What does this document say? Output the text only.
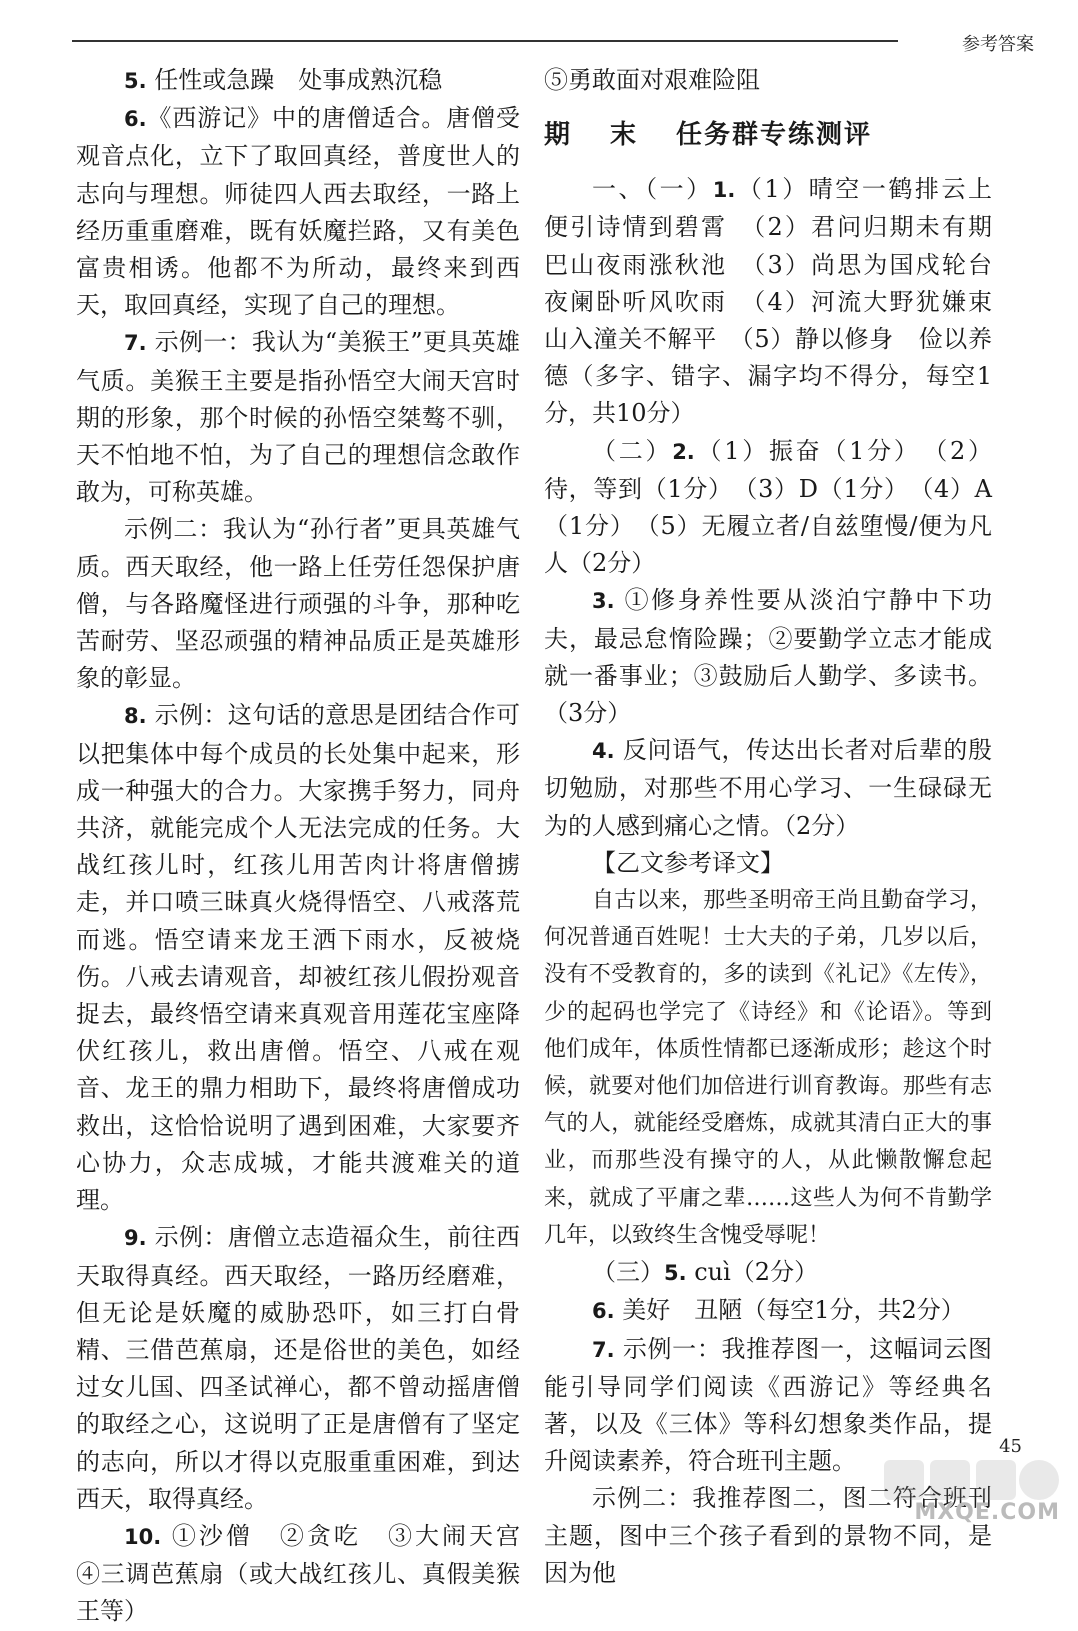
参考答案

5. 任性或急躁　处事成熟沉稳

6.《西游记》中的唐僧适合。唐僧受观音点化，立下了取回真经，普度世人的志向与理想。师徒四人西去取经，一路上经历重重磨难，既有妖魔拦路，又有美色富贵相诱。他都不为所动，最终来到西天，取回真经，实现了自己的理想。

7. 示例一：我认为“美猴王”更具英雄气质。美猴王主要是指孙悟空大闹天宫时期的形象，那个时候的孙悟空桀骜不驯，天不怕地不怕，为了自己的理想信念敢作敢为，可称英雄。

示例二：我认为“孙行者”更具英雄气质。西天取经，他一路上任劳任怨保护唐僧，与各路魔怪进行顽强的斗争，那种吃苦耐劳、坚忍顽强的精神品质正是英雄形象的彰显。

8. 示例：这句话的意思是团结合作可以把集体中每个成员的长处集中起来，形成一种强大的合力。大家携手努力，同舟共济，就能完成个人无法完成的任务。大战红孩儿时，红孩儿用苦肉计将唐僧掳走，并口喷三昧真火烧得悟空、八戒落荒而逃。悟空请来龙王洒下雨水，反被烧伤。八戒去请观音，却被红孩儿假扮观音捉去，最终悟空请来真观音用莲花宝座降伏红孩儿，救出唐僧。悟空、八戒在观音、龙王的鼎力相助下，最终将唐僧成功救出，这恰恰说明了遇到困难，大家要齐心协力，众志成城，才能共渡难关的道理。

9. 示例：唐僧立志造福众生，前往西天取得真经。西天取经，一路历经磨难，但无论是妖魔的威胁恐吓，如三打白骨精、三借芭蕉扇，还是俗世的美色，如经过女儿国、四圣试禅心，都不曾动摇唐僧的取经之心，这说明了正是唐僧有了坚定的志向，所以才得以克服重重困难，到达西天，取得真经。

10. ①沙僧　②贪吃　③大闹天宫　④三调芭蕉扇（或大战红孩儿、真假美猴王等）

⑤勇敢面对艰难险阻

期 末 任务群专练测评

一、（一）1.（1）晴空一鹤排云上　便引诗情到碧霄　（2）君问归期未有期　巴山夜雨涨秋池　（3）尚思为国戍轮台　夜阑卧听风吹雨　（4）河流大野犹嫌束　山入潼关不解平　（5）静以修身　俭以养德（多字、错字、漏字均不得分，每空1分，共10分）

（二）2.（1）振奋（1分）　（2）待，等到（1分）　（3）D（1分）　（4）A（1分）　（5）无履立者/自兹堕慢/便为凡人（2分）

3. ①修身养性要从淡泊宁静中下功夫，最忌怠惰险躁；②要勤学立志才能成就一番事业；③鼓励后人勤学、多读书。（3分）

4. 反问语气，传达出长者对后辈的殷切勉励，对那些不用心学习、一生碌碌无为的人感到痛心之情。（2分）

【乙文参考译文】

自古以来，那些圣明帝王尚且勤奋学习，何况普通百姓呢！士大夫的子弟，几岁以后，没有不受教育的，多的读到《礼记》《左传》，少的起码也学完了《诗经》和《论语》。等到他们成年，体质性情都已逐渐成形；趁这个时候，就要对他们加倍进行训育教诲。那些有志气的人，就能经受磨炼，成就其清白正大的事业，而那些没有操守的人，从此懒散懈怠起来，就成了平庸之辈……这些人为何不肯勤学几年，以致终生含愧受辱呢！

（三）5. cuì（2分）

6. 美好　丑陋（每空1分，共2分）

7. 示例一：我推荐图一，这幅词云图能引导同学们阅读《西游记》等经典名著，以及《三体》等科幻想象类作品，提升阅读素养，符合班刊主题。

示例二：我推荐图二，图二符合班刊主题，图中三个孩子看到的景物不同，是因为他

45
MXQE.COM
